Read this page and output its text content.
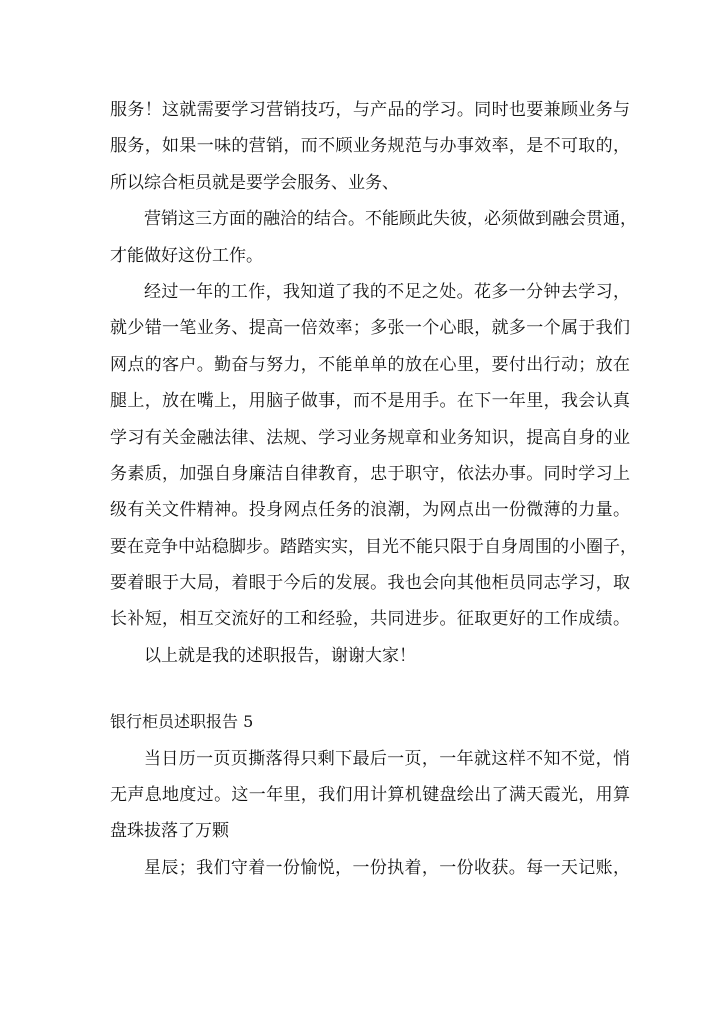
服务！这就需要学习营销技巧，与产品的学习。同时也要兼顾业务与
服务，如果一味的营销，而不顾业务规范与办事效率，是不可取的，
所以综合柜员就是要学会服务、业务、
营销这三方面的融洽的结合。不能顾此失彼，必须做到融会贯通，
才能做好这份工作。
经过一年的工作，我知道了我的不足之处。花多一分钟去学习，
就少错一笔业务、提高一倍效率；多张一个心眼，就多一个属于我们
网点的客户。勤奋与努力，不能单单的放在心里，要付出行动；放在
腿上，放在嘴上，用脑子做事，而不是用手。在下一年里，我会认真
学习有关金融法律、法规、学习业务规章和业务知识，提高自身的业
务素质，加强自身廉洁自律教育，忠于职守，依法办事。同时学习上
级有关文件精神。投身网点任务的浪潮，为网点出一份微薄的力量。
要在竞争中站稳脚步。踏踏实实，目光不能只限于自身周围的小圈子，
要着眼于大局，着眼于今后的发展。我也会向其他柜员同志学习，取
长补短，相互交流好的工和经验，共同进步。征取更好的工作成绩。
以上就是我的述职报告，谢谢大家！
银行柜员述职报告 5
当日历一页页撕落得只剩下最后一页，一年就这样不知不觉，悄
无声息地度过。这一年里，我们用计算机键盘绘出了满天霞光，用算
盘珠拔落了万颗
星辰；我们守着一份愉悦，一份执着，一份收获。每一天记账，
